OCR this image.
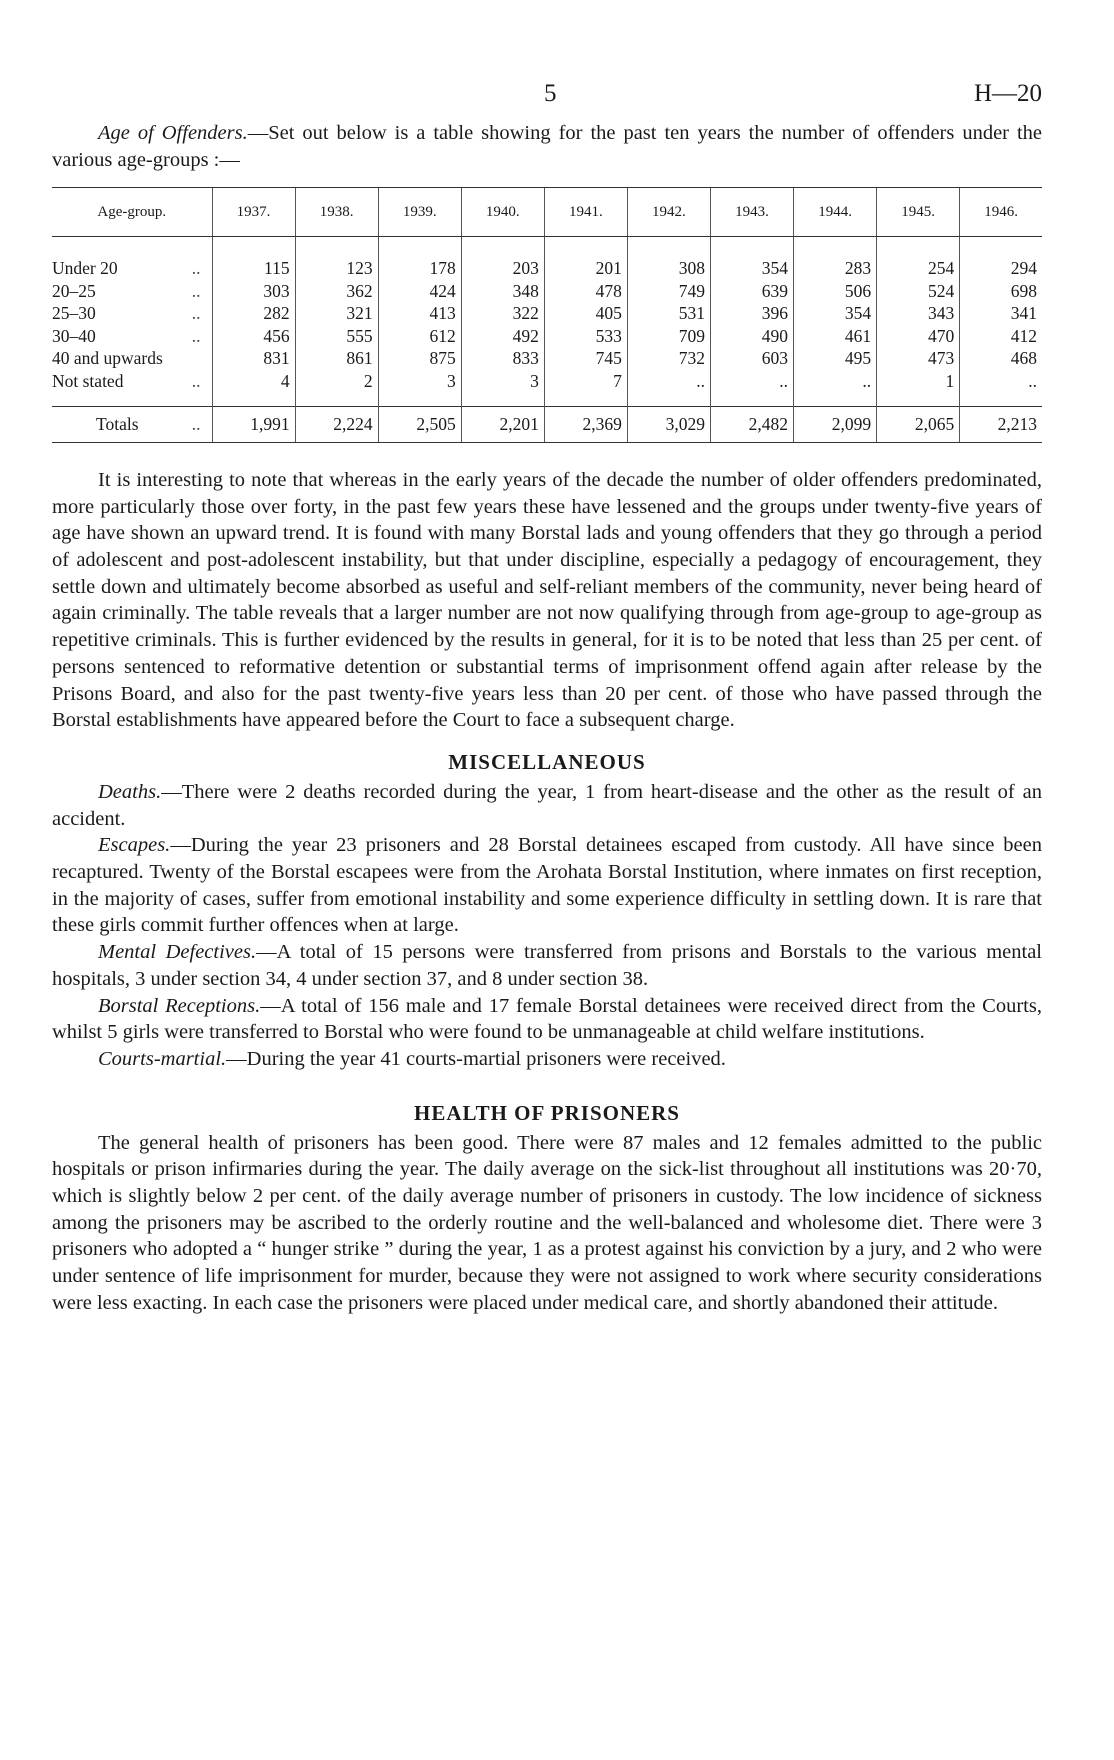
5	H—20

Age of Offenders.—Set out below is a table showing for the past ten years the number of offenders under the various age-groups :—

Age-group.	1937.	1938.	1939.	1940.	1941.	1942.	1943.	1944.	1945.	1946.
Under 20 ..	115	123	178	203	201	308	354	283	254	294
20–25 ..	303	362	424	348	478	749	639	506	524	698
25–30 ..	282	321	413	322	405	531	396	354	343	341
30–40 ..	456	555	612	492	533	709	490	461	470	412
40 and upwards	831	861	875	833	745	732	603	495	473	468
Not stated ..	4	2	3	3	7	..	..	..	1	..
Totals ..	1,991	2,224	2,505	2,201	2,369	3,029	2,482	2,099	2,065	2,213

It is interesting to note that whereas in the early years of the decade the number of older offenders predominated, more particularly those over forty, in the past few years these have lessened and the groups under twenty-five years of age have shown an upward trend. It is found with many Borstal lads and young offenders that they go through a period of adolescent and post-adolescent instability, but that under discipline, especially a pedagogy of encouragement, they settle down and ultimately become absorbed as useful and self-reliant members of the community, never being heard of again criminally. The table reveals that a larger number are not now qualifying through from age-group to age-group as repetitive criminals. This is further evidenced by the results in general, for it is to be noted that less than 25 per cent. of persons sentenced to reformative detention or substantial terms of imprisonment offend again after release by the Prisons Board, and also for the past twenty-five years less than 20 per cent. of those who have passed through the Borstal establishments have appeared before the Court to face a subsequent charge.

MISCELLANEOUS

Deaths.—There were 2 deaths recorded during the year, 1 from heart-disease and the other as the result of an accident.

Escapes.—During the year 23 prisoners and 28 Borstal detainees escaped from custody. All have since been recaptured. Twenty of the Borstal escapees were from the Arohata Borstal Institution, where inmates on first reception, in the majority of cases, suffer from emotional instability and some experience difficulty in settling down. It is rare that these girls commit further offences when at large.

Mental Defectives.—A total of 15 persons were transferred from prisons and Borstals to the various mental hospitals, 3 under section 34, 4 under section 37, and 8 under section 38.

Borstal Receptions.—A total of 156 male and 17 female Borstal detainees were received direct from the Courts, whilst 5 girls were transferred to Borstal who were found to be unmanageable at child welfare institutions.

Courts-martial.—During the year 41 courts-martial prisoners were received.

HEALTH OF PRISONERS

The general health of prisoners has been good. There were 87 males and 12 females admitted to the public hospitals or prison infirmaries during the year. The daily average on the sick-list throughout all institutions was 20·70, which is slightly below 2 per cent. of the daily average number of prisoners in custody. The low incidence of sickness among the prisoners may be ascribed to the orderly routine and the well-balanced and wholesome diet. There were 3 prisoners who adopted a “ hunger strike ” during the year, 1 as a protest against his conviction by a jury, and 2 who were under sentence of life imprisonment for murder, because they were not assigned to work where security considerations were less exacting. In each case the prisoners were placed under medical care, and shortly abandoned their attitude.
